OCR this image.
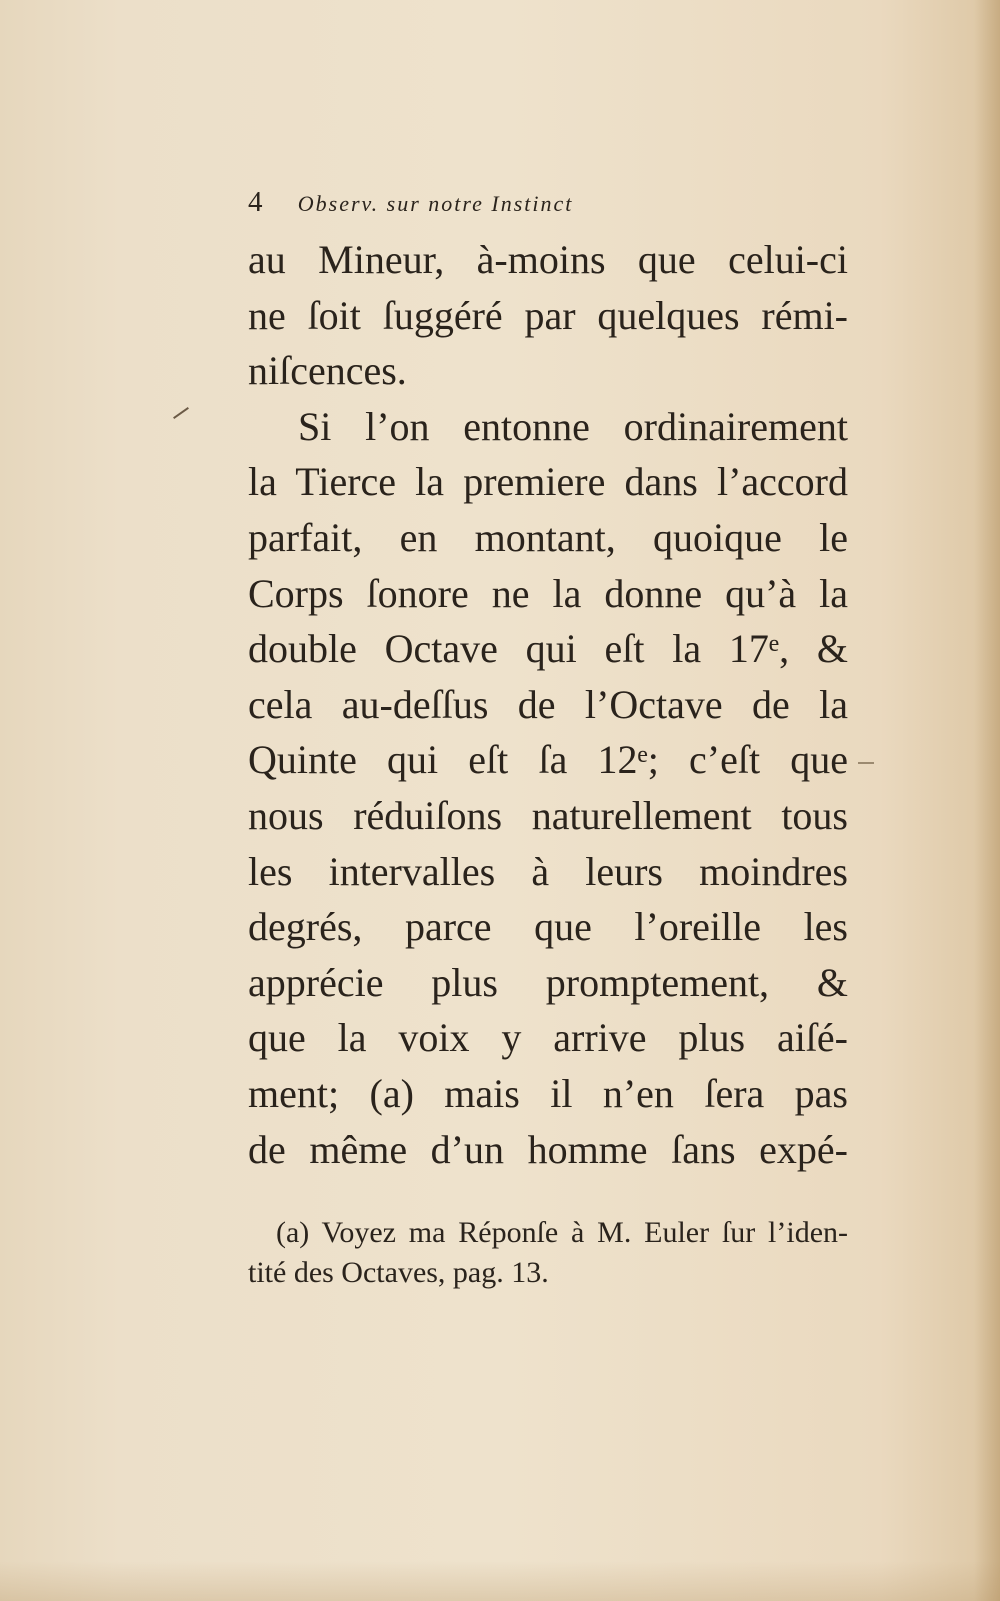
4 Observ. sur notre Instinct
au Mineur, à-moins que celui-ci
ne ſoit ſuggéré par quelques rémi-
niſcences.
Si l’on entonne ordinairement
la Tierce la premiere dans l’accord
parfait, en montant, quoique le
Corps ſonore ne la donne qu’à la
double Octave qui eſt la 17ᵉ, &
cela au-deſſus de l’Octave de la
Quinte qui eſt ſa 12ᵉ; c’eſt que
nous réduiſons naturellement tous
les intervalles à leurs moindres
degrés, parce que l’oreille les
apprécie plus promptement, &
que la voix y arrive plus aiſé-
ment; (a) mais il n’en ſera pas
de même d’un homme ſans expé-
(a) Voyez ma Réponſe à M. Euler ſur l’iden-
tité des Octaves, pag. 13.
